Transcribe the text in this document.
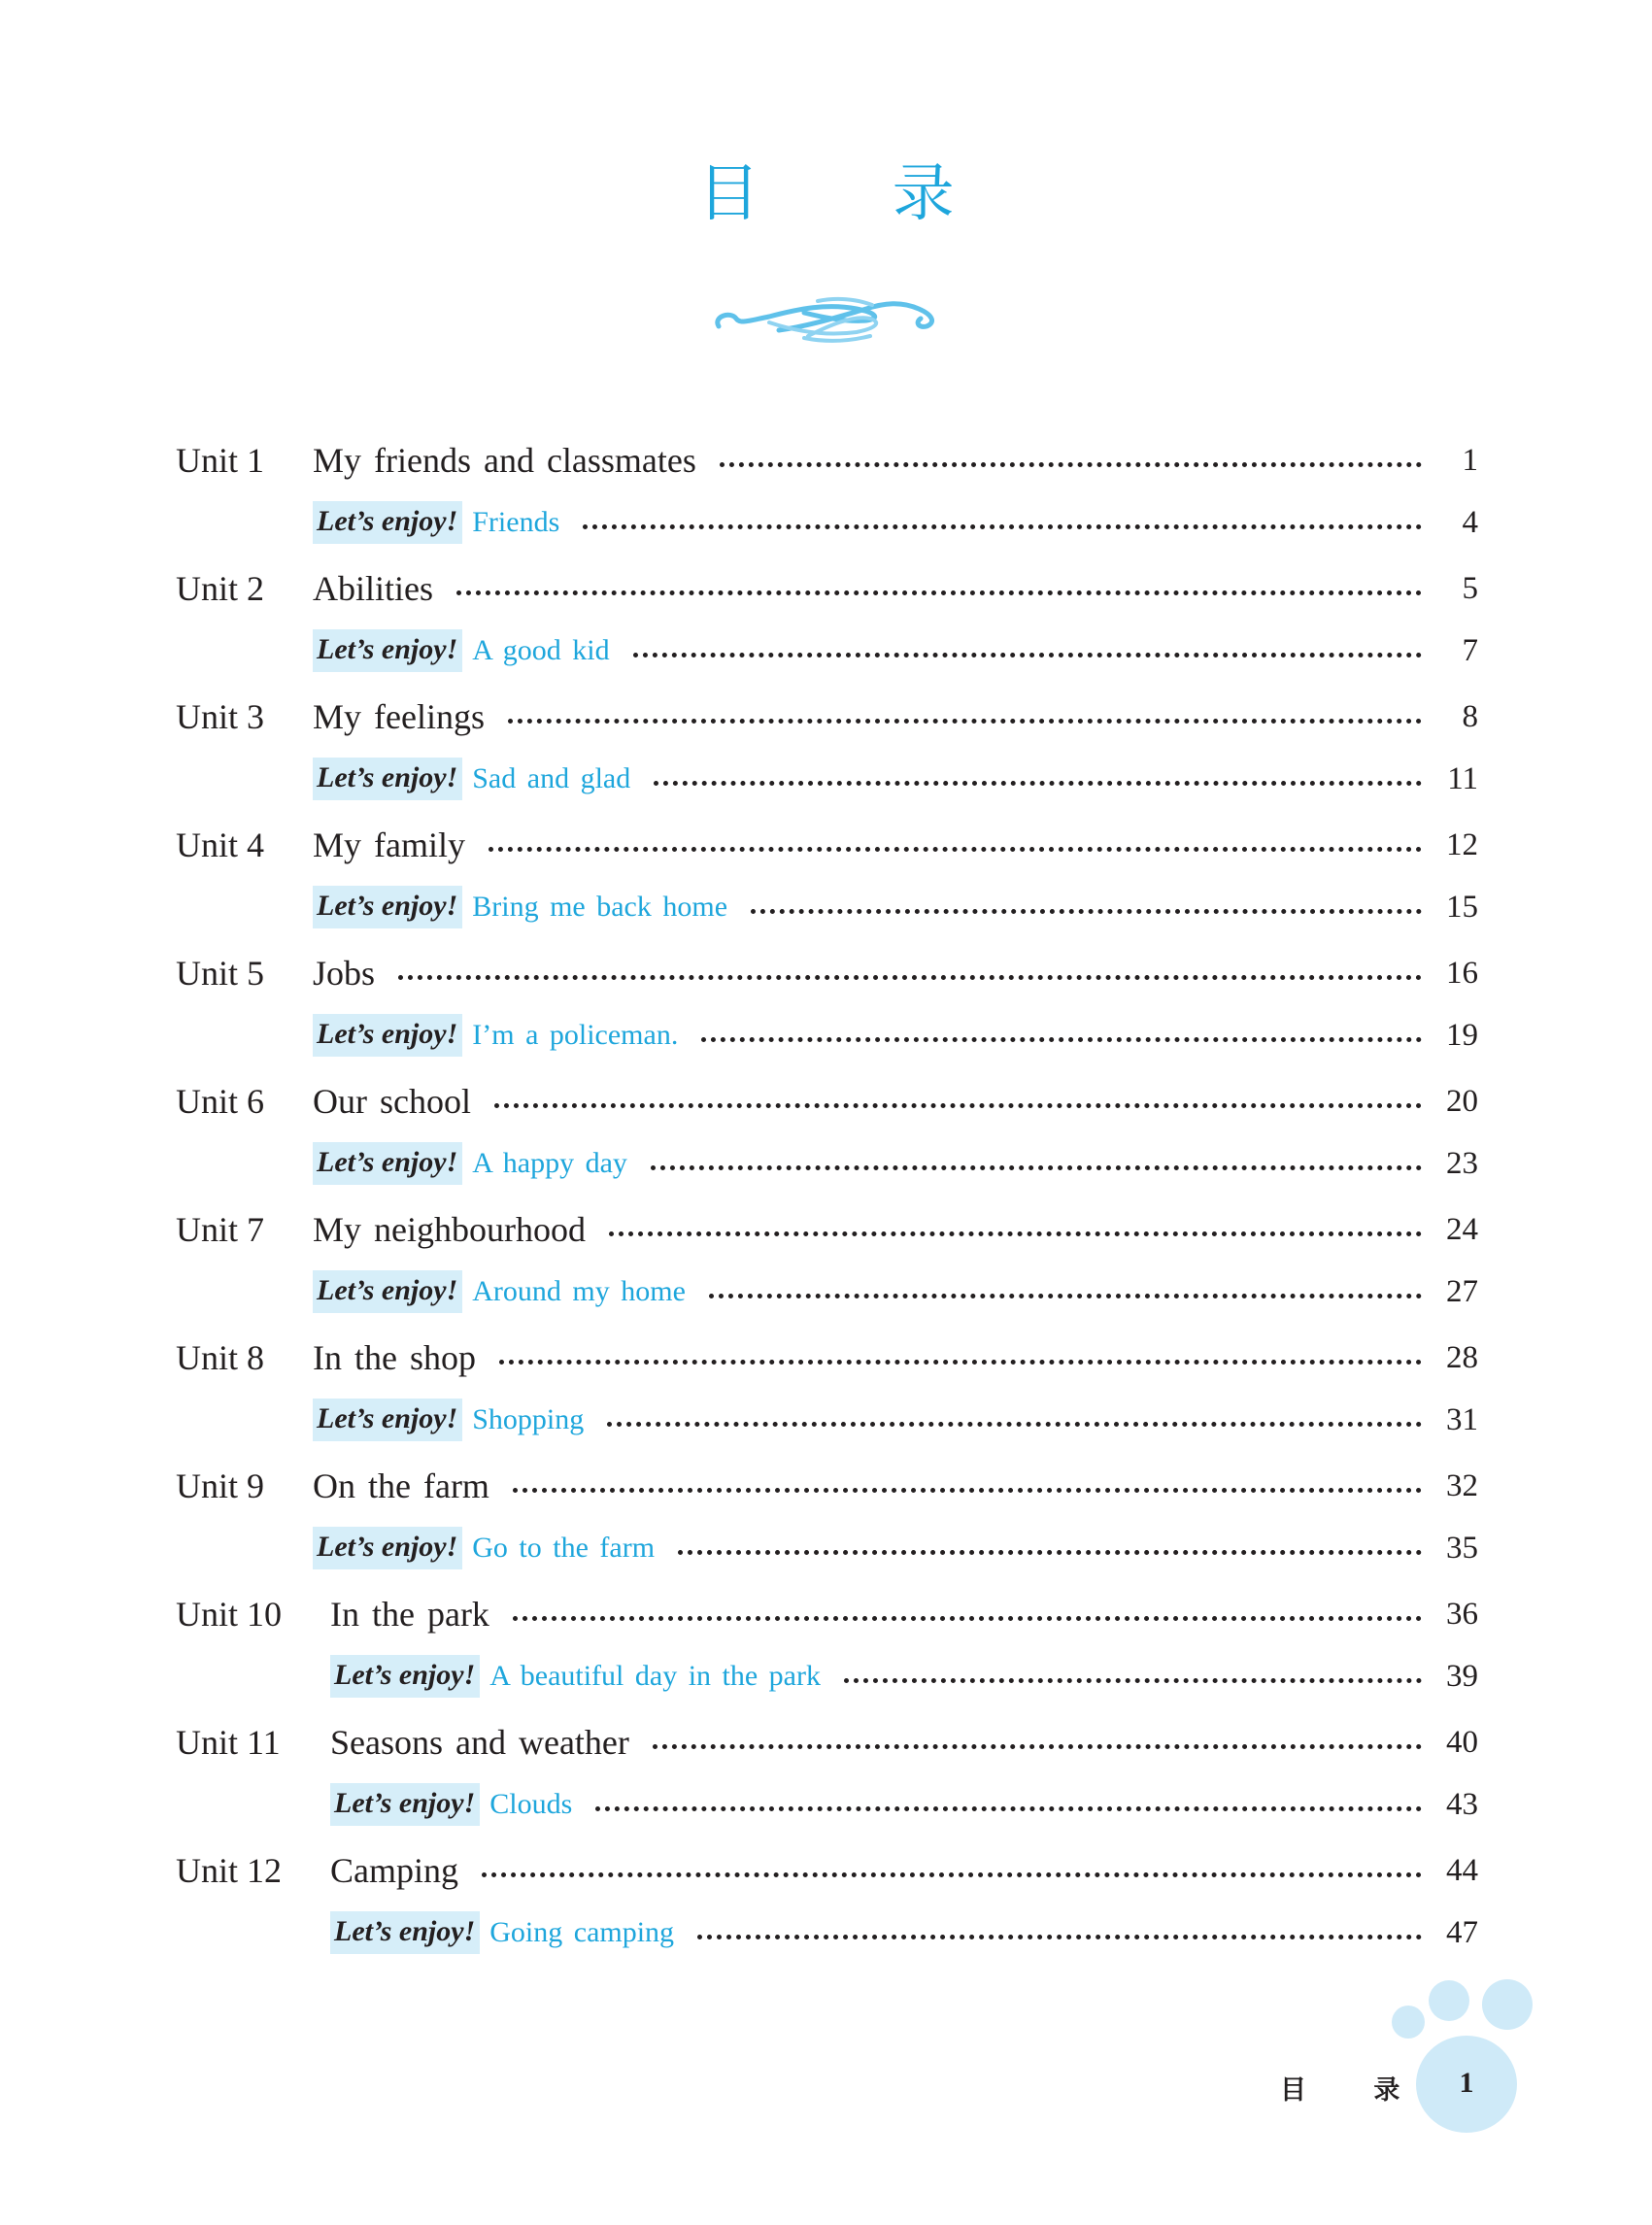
目 录
Unit 1 My friends and classmates	1
Let’s enjoy! Friends	4
Unit 2 Abilities	5
Let’s enjoy! A good kid	7
Unit 3 My feelings	8
Let’s enjoy! Sad and glad	11
Unit 4 My family	12
Let’s enjoy! Bring me back home	15
Unit 5 Jobs	16
Let’s enjoy! I’m a policeman.	19
Unit 6 Our school	20
Let’s enjoy! A happy day	23
Unit 7 My neighbourhood	24
Let’s enjoy! Around my home	27
Unit 8 In the shop	28
Let’s enjoy! Shopping	31
Unit 9 On the farm	32
Let’s enjoy! Go to the farm	35
Unit 10 In the park	36
Let’s enjoy! A beautiful day in the park	39
Unit 11 Seasons and weather	40
Let’s enjoy! Clouds	43
Unit 12 Camping	44
Let’s enjoy! Going camping	47
目 录	1
